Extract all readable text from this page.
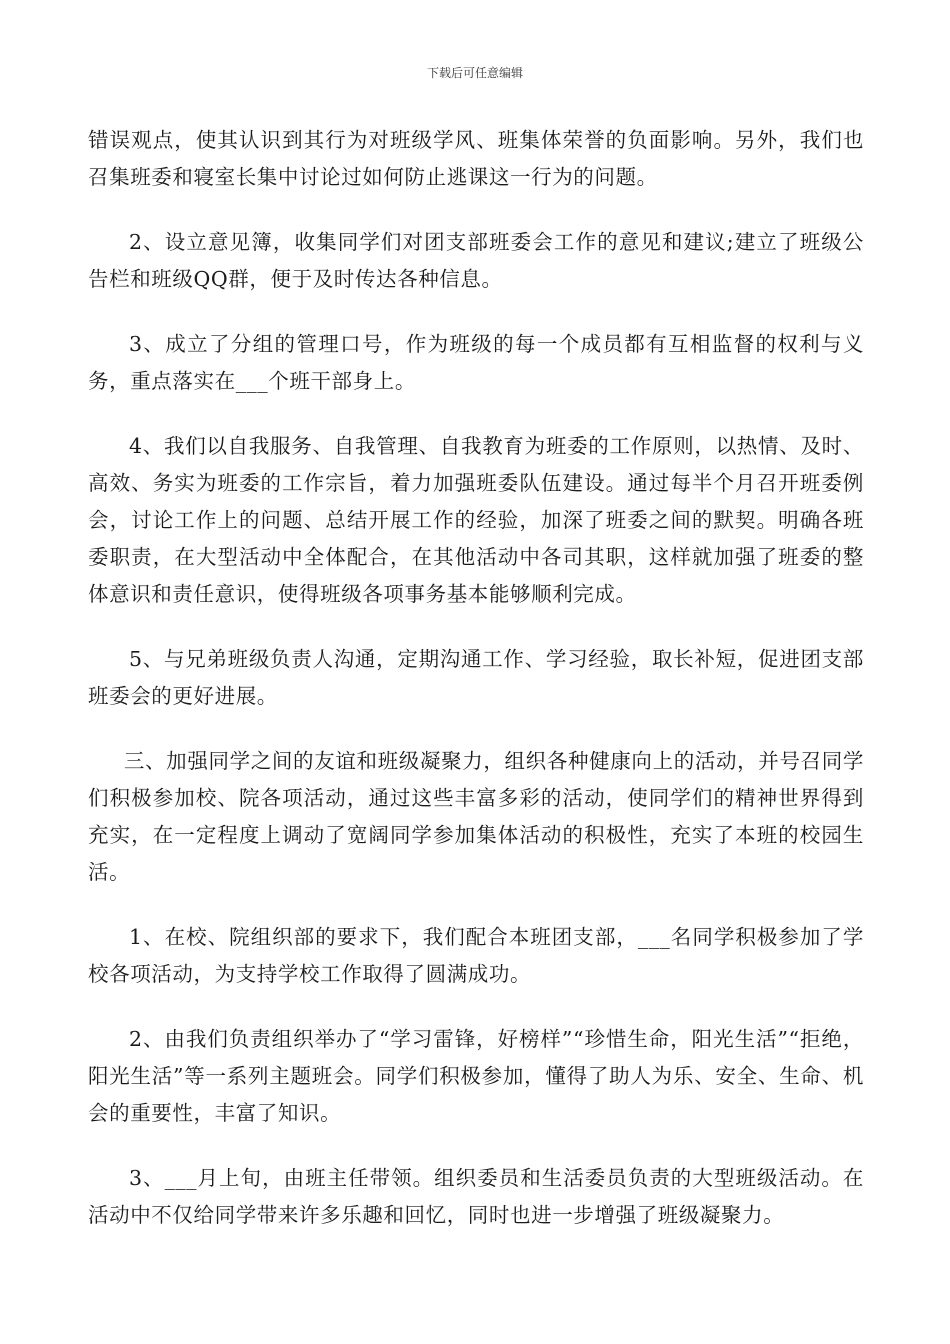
下载后可任意编辑

错误观点，使其认识到其行为对班级学风、班集体荣誉的负面影响。另外，我们也召集班委和寝室长集中讨论过如何防止逃课这一行为的问题。

2、设立意见簿，收集同学们对团支部班委会工作的意见和建议;建立了班级公告栏和班级QQ群，便于及时传达各种信息。

3、成立了分组的管理口号，作为班级的每一个成员都有互相监督的权利与义务，重点落实在___个班干部身上。

4、我们以自我服务、自我管理、自我教育为班委的工作原则，以热情、及时、高效、务实为班委的工作宗旨，着力加强班委队伍建设。通过每半个月召开班委例会，讨论工作上的问题、总结开展工作的经验，加深了班委之间的默契。明确各班委职责，在大型活动中全体配合，在其他活动中各司其职，这样就加强了班委的整体意识和责任意识，使得班级各项事务基本能够顺利完成。

5、与兄弟班级负责人沟通，定期沟通工作、学习经验，取长补短，促进团支部班委会的更好进展。

三、加强同学之间的友谊和班级凝聚力，组织各种健康向上的活动，并号召同学们积极参加校、院各项活动，通过这些丰富多彩的活动，使同学们的精神世界得到充实，在一定程度上调动了宽阔同学参加集体活动的积极性，充实了本班的校园生活。

1、在校、院组织部的要求下，我们配合本班团支部，___名同学积极参加了学校各项活动，为支持学校工作取得了圆满成功。

2、由我们负责组织举办了“学习雷锋，好榜样”“珍惜生命，阳光生活”“拒绝，阳光生活”等一系列主题班会。同学们积极参加，懂得了助人为乐、安全、生命、机会的重要性，丰富了知识。

3、___月上旬，由班主任带领。组织委员和生活委员负责的大型班级活动。在活动中不仅给同学带来许多乐趣和回忆，同时也进一步增强了班级凝聚力。
